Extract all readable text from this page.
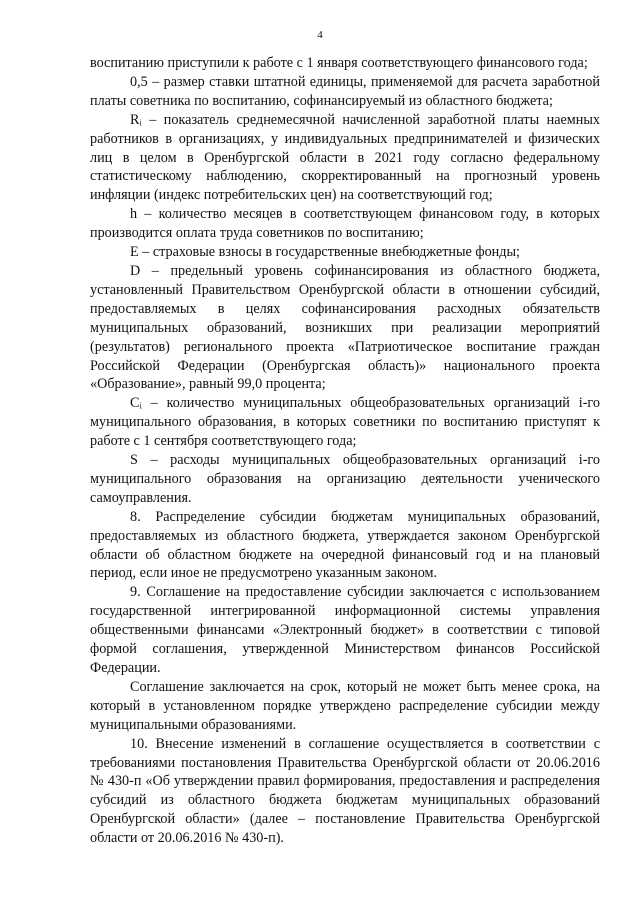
4

воспитанию приступили к работе с 1 января соответствующего финансового года;

0,5 – размер ставки штатной единицы, применяемой для расчета заработной платы советника по воспитанию, софинансируемый из областного бюджета;

Rᵢ – показатель среднемесячной начисленной заработной платы наемных работников в организациях, у индивидуальных предпринимателей и физических лиц в целом в Оренбургской области в 2021 году согласно федеральному статистическому наблюдению, скорректированный на прогнозный уровень инфляции (индекс потребительских цен) на соответствующий год;

h – количество месяцев в соответствующем финансовом году, в которых производится оплата труда советников по воспитанию;

E – страховые взносы в государственные внебюджетные фонды;

D – предельный уровень софинансирования из областного бюджета, установленный Правительством Оренбургской области в отношении субсидий, предоставляемых в целях софинансирования расходных обязательств муниципальных образований, возникших при реализации мероприятий (результатов) регионального проекта «Патриотическое воспитание граждан Российской Федерации (Оренбургская область)» национального проекта «Образование», равный 99,0 процента;

Cᵢ – количество муниципальных общеобразовательных организаций i-го муниципального образования, в которых советники по воспитанию приступят к работе с 1 сентября соответствующего года;

S – расходы муниципальных общеобразовательных организаций i-го муниципального образования на организацию деятельности ученического самоуправления.

8. Распределение субсидии бюджетам муниципальных образований, предоставляемых из областного бюджета, утверждается законом Оренбургской области об областном бюджете на очередной финансовый год и на плановый период, если иное не предусмотрено указанным законом.

9. Соглашение на предоставление субсидии заключается с использованием государственной интегрированной информационной системы управления общественными финансами «Электронный бюджет» в соответствии с типовой формой соглашения, утвержденной Министерством финансов Российской Федерации.

Соглашение заключается на срок, который не может быть менее срока, на который в установленном порядке утверждено распределение субсидии между муниципальными образованиями.

10. Внесение изменений в соглашение осуществляется в соответствии с требованиями постановления Правительства Оренбургской области от 20.06.2016 № 430-п «Об утверждении правил формирования, предоставления и распределения субсидий из областного бюджета бюджетам муниципальных образований Оренбургской области» (далее – постановление Правительства Оренбургской области от 20.06.2016 № 430-п).
